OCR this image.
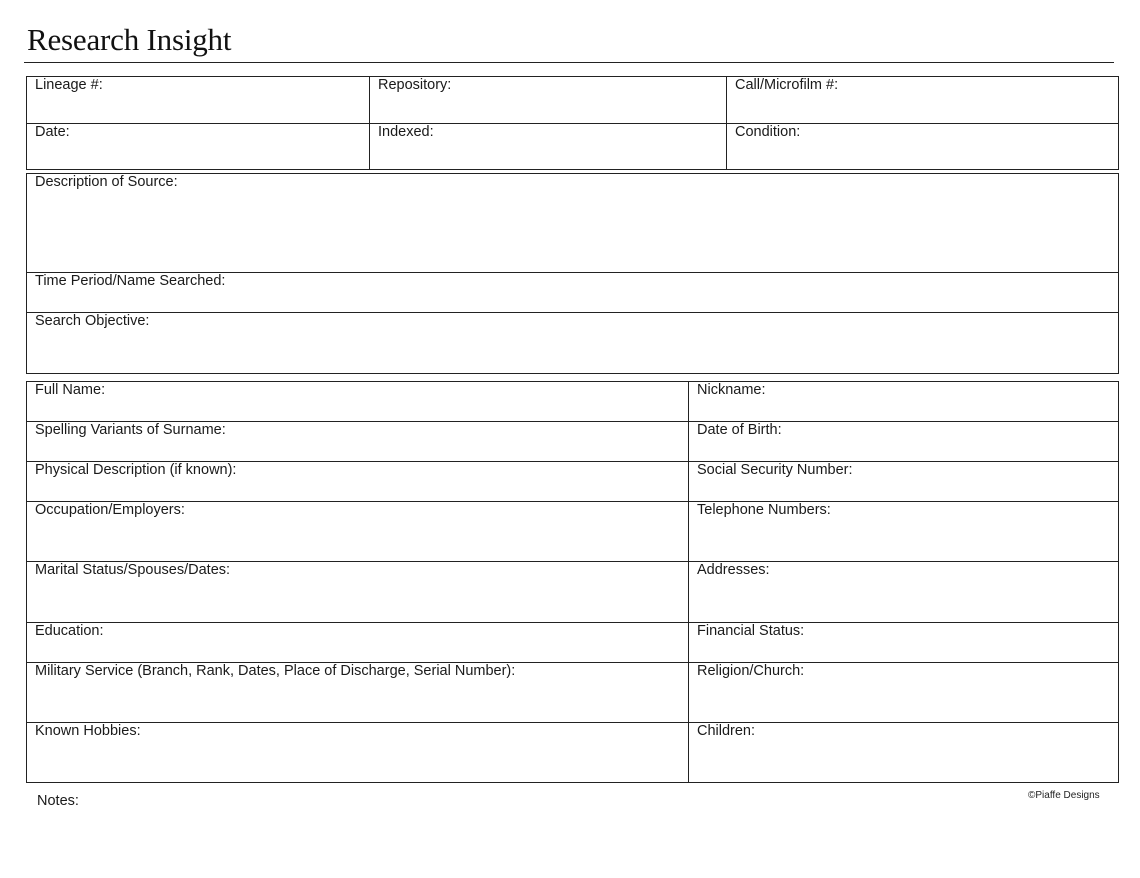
Research Insight
Lineage #:	Repository:	Call/Microfilm #:
Date:	Indexed:	Condition:
Description of Source:
Time Period/Name Searched:
Search Objective:
Full Name:	Nickname:
Spelling Variants of Surname:	Date of Birth:
Physical Description (if known):	Social Security Number:
Occupation/Employers:	Telephone Numbers:
Marital Status/Spouses/Dates:	Addresses:
Education:	Financial Status:
Military Service (Branch, Rank, Dates, Place of Discharge, Serial Number):	Religion/Church:
Known Hobbies:	Children:
Notes:	©Piaffe Designs
